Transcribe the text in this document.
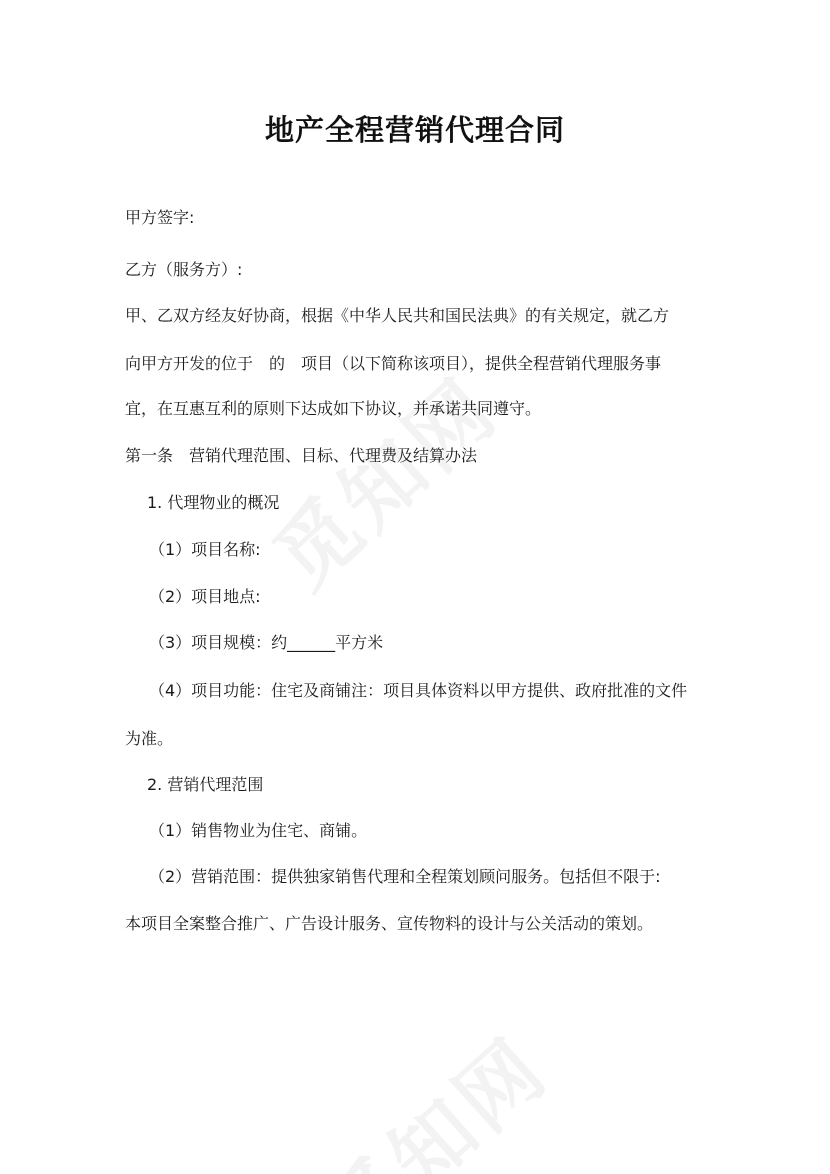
地产全程营销代理合同

甲方签字:

乙方（服务方）:

甲、乙双方经友好协商，根据《中华人民共和国民法典》的有关规定，就乙方

向甲方开发的位于　的　项目（以下简称该项目），提供全程营销代理服务事

宜，在互惠互利的原则下达成如下协议，并承诺共同遵守。

第一条　营销代理范围、目标、代理费及结算办法

1. 代理物业的概况

（1）项目名称:

（2）项目地点:

（3）项目规模：约______平方米

（4）项目功能：住宅及商铺注：项目具体资料以甲方提供、政府批准的文件

为准。

2. 营销代理范围

（1）销售物业为住宅、商铺。

（2）营销范围：提供独家销售代理和全程策划顾问服务。包括但不限于:

本项目全案整合推广、广告设计服务、宣传物料的设计与公关活动的策划。
